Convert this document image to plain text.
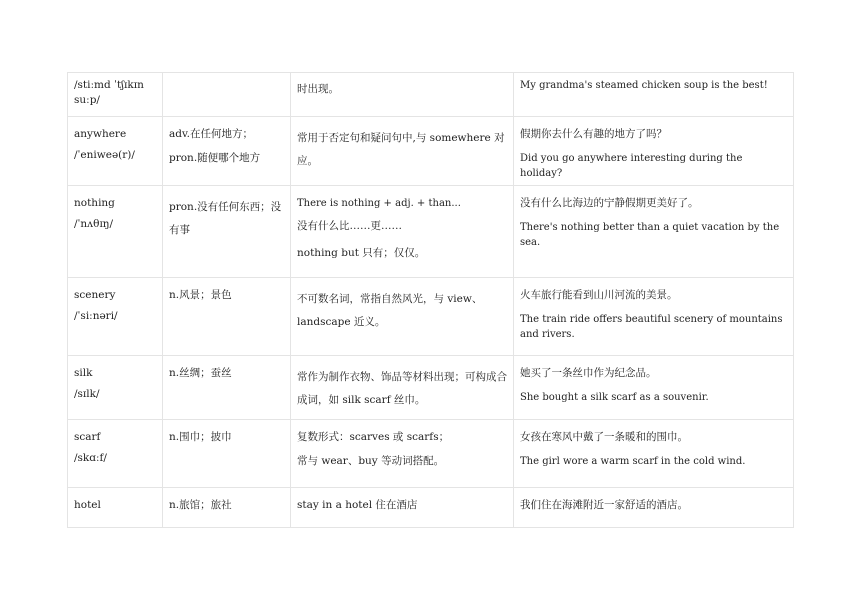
/stiːmd ˈtʃɪkɪn suːp/		时出现。	My grandma's steamed chicken soup is the best!

anywhere
/ˈeniweə(r)/	adv.在任何地方；
pron.随便哪个地方	常用于否定句和疑问句中,与 somewhere 对应。	假期你去什么有趣的地方了吗？
Did you go anywhere interesting during the holiday?

nothing
/ˈnʌθɪŋ/	pron.没有任何东西；没有事	There is nothing + adj. + than...
没有什么比……更……
nothing but 只有；仅仅。	没有什么比海边的宁静假期更美好了。
There's nothing better than a quiet vacation by the sea.

scenery
/ˈsiːnəri/	n.风景；景色	不可数名词，常指自然风光，与 view、landscape 近义。	火车旅行能看到山川河流的美景。
The train ride offers beautiful scenery of mountains and rivers.

silk
/sɪlk/	n.丝绸；蚕丝	常作为制作衣物、饰品等材料出现；可构成合成词，如 silk scarf 丝巾。	她买了一条丝巾作为纪念品。
She bought a silk scarf as a souvenir.

scarf
/skɑːf/	n.围巾；披巾	复数形式：scarves 或 scarfs；
常与 wear、buy 等动词搭配。	女孩在寒风中戴了一条暖和的围巾。
The girl wore a warm scarf in the cold wind.

hotel	n.旅馆；旅社	stay in a hotel 住在酒店	我们住在海滩附近一家舒适的酒店。
